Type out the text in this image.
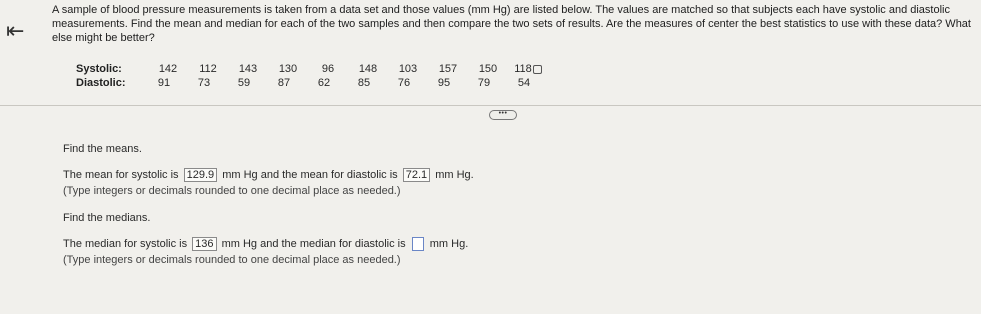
⇤
A sample of blood pressure measurements is taken from a data set and those values (mm Hg) are listed below. The values are matched so that subjects each have systolic and diastolic measurements. Find the mean and median for each of the two samples and then compare the two sets of results. Are the measures of center the best statistics to use with these data? What else might be better?
Systolic:	142	112	143	130	96	148	103	157	150	118
Diastolic:	91	73	59	87	62	85	76	95	79	54
•••
Find the means.
The mean for systolic is 129.9 mm Hg and the mean for diastolic is 72.1 mm Hg.
(Type integers or decimals rounded to one decimal place as needed.)
Find the medians.
The median for systolic is 136 mm Hg and the median for diastolic is mm Hg.
(Type integers or decimals rounded to one decimal place as needed.)
